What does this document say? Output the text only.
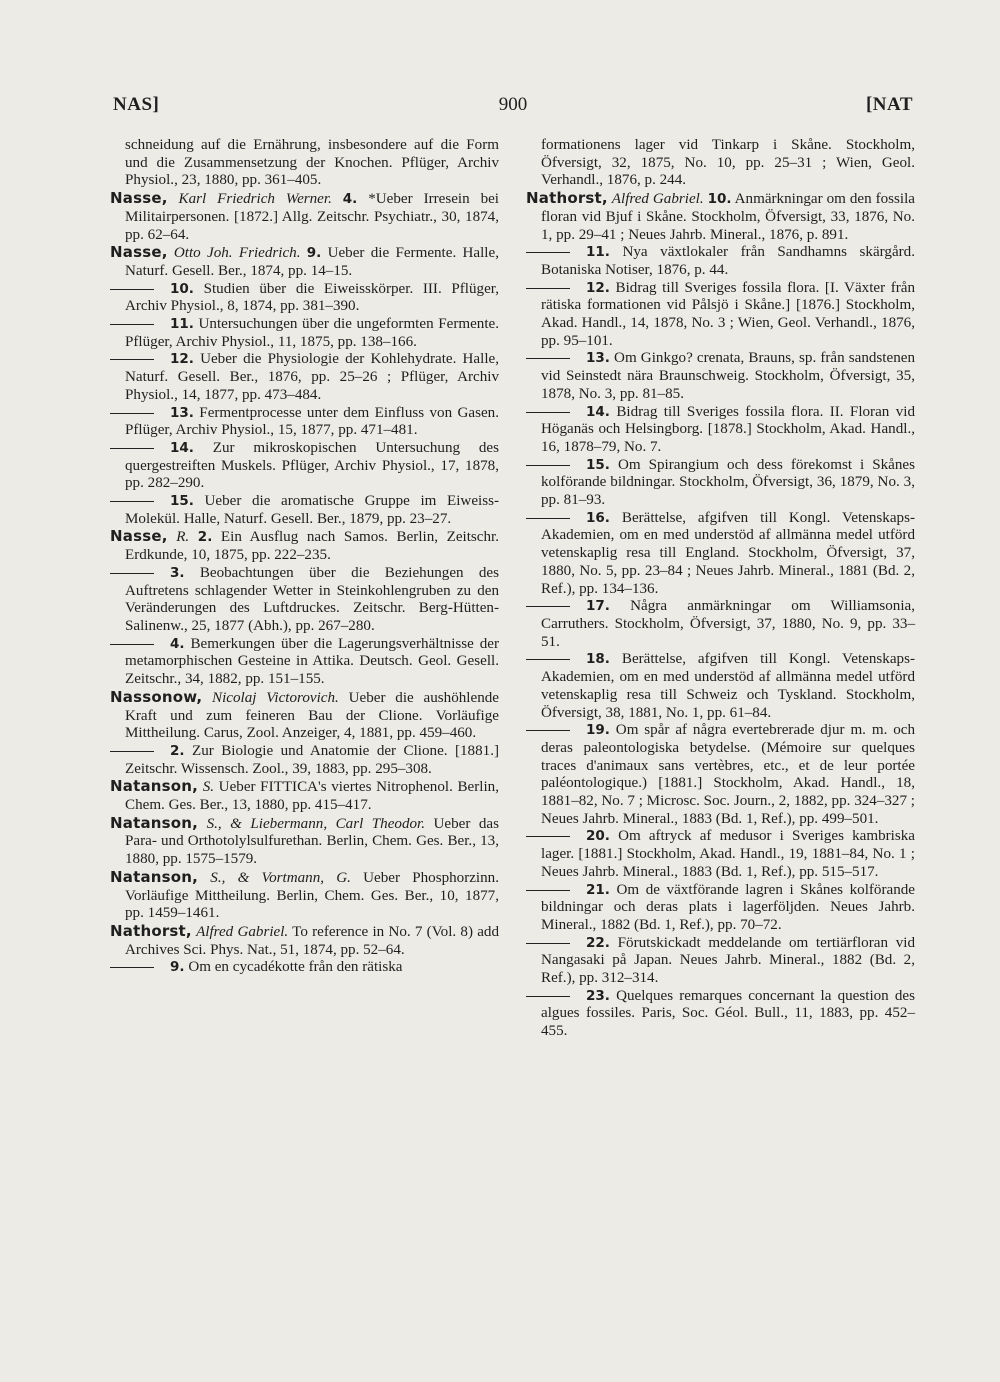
NAS]	900	[NAT

schneidung auf die Ernährung, insbesondere auf die Form und die Zusammensetzung der Knochen. Pflüger, Archiv Physiol., 23, 1880, pp. 361–405.

Nasse, Karl Friedrich Werner. 4. *Ueber Irresein bei Militairpersonen. [1872.] Allg. Zeitschr. Psychiatr., 30, 1874, pp. 62–64.

Nasse, Otto Joh. Friedrich. 9. Ueber die Fermente. Halle, Naturf. Gesell. Ber., 1874, pp. 14–15.

10. Studien über die Eiweisskörper. III. Pflüger, Archiv Physiol., 8, 1874, pp. 381–390.

11. Untersuchungen über die ungeformten Fermente. Pflüger, Archiv Physiol., 11, 1875, pp. 138–166.

12. Ueber die Physiologie der Kohlehydrate. Halle, Naturf. Gesell. Ber., 1876, pp. 25–26 ; Pflüger, Archiv Physiol., 14, 1877, pp. 473–484.

13. Fermentprocesse unter dem Einfluss von Gasen. Pflüger, Archiv Physiol., 15, 1877, pp. 471–481.

14. Zur mikroskopischen Untersuchung des quergestreiften Muskels. Pflüger, Archiv Physiol., 17, 1878, pp. 282–290.

15. Ueber die aromatische Gruppe im Eiweiss-Molekül. Halle, Naturf. Gesell. Ber., 1879, pp. 23–27.

Nasse, R. 2. Ein Ausflug nach Samos. Berlin, Zeitschr. Erdkunde, 10, 1875, pp. 222–235.

3. Beobachtungen über die Beziehungen des Auftretens schlagender Wetter in Steinkohlengruben zu den Veränderungen des Luftdruckes. Zeitschr. Berg-Hütten-Salinenw., 25, 1877 (Abh.), pp. 267–280.

4. Bemerkungen über die Lagerungsverhältnisse der metamorphischen Gesteine in Attika. Deutsch. Geol. Gesell. Zeitschr., 34, 1882, pp. 151–155.

Nassonow, Nicolaj Victorovich. Ueber die aushöhlende Kraft und zum feineren Bau der Clione. Vorläufige Mittheilung. Carus, Zool. Anzeiger, 4, 1881, pp. 459–460.

2. Zur Biologie und Anatomie der Clione. [1881.] Zeitschr. Wissensch. Zool., 39, 1883, pp. 295–308.

Natanson, S. Ueber FITTICA's viertes Nitrophenol. Berlin, Chem. Ges. Ber., 13, 1880, pp. 415–417.

Natanson, S., & Liebermann, Carl Theodor. Ueber das Para- und Orthotolylsulfurethan. Berlin, Chem. Ges. Ber., 13, 1880, pp. 1575–1579.

Natanson, S., & Vortmann, G. Ueber Phosphorzinn. Vorläufige Mittheilung. Berlin, Chem. Ges. Ber., 10, 1877, pp. 1459–1461.

Nathorst, Alfred Gabriel. To reference in No. 7 (Vol. 8) add Archives Sci. Phys. Nat., 51, 1874, pp. 52–64.

9. Om en cycadékotte från den rätiska

formationens lager vid Tinkarp i Skåne. Stockholm, Öfversigt, 32, 1875, No. 10, pp. 25–31 ; Wien, Geol. Verhandl., 1876, p. 244.

Nathorst, Alfred Gabriel. 10. Anmärkningar om den fossila floran vid Bjuf i Skåne. Stockholm, Öfversigt, 33, 1876, No. 1, pp. 29–41 ; Neues Jahrb. Mineral., 1876, p. 891.

11. Nya växtlokaler från Sandhamns skärgård. Botaniska Notiser, 1876, p. 44.

12. Bidrag till Sveriges fossila flora. [I. Växter från rätiska formationen vid Pålsjö i Skåne.] [1876.] Stockholm, Akad. Handl., 14, 1878, No. 3 ; Wien, Geol. Verhandl., 1876, pp. 95–101.

13. Om Ginkgo? crenata, Brauns, sp. från sandstenen vid Seinstedt nära Braunschweig. Stockholm, Öfversigt, 35, 1878, No. 3, pp. 81–85.

14. Bidrag till Sveriges fossila flora. II. Floran vid Höganäs och Helsingborg. [1878.] Stockholm, Akad. Handl., 16, 1878–79, No. 7.

15. Om Spirangium och dess förekomst i Skånes kolförande bildningar. Stockholm, Öfversigt, 36, 1879, No. 3, pp. 81–93.

16. Berättelse, afgifven till Kongl. Vetenskaps-Akademien, om en med understöd af allmänna medel utförd vetenskaplig resa till England. Stockholm, Öfversigt, 37, 1880, No. 5, pp. 23–84 ; Neues Jahrb. Mineral., 1881 (Bd. 2, Ref.), pp. 134–136.

17. Några anmärkningar om Williamsonia, Carruthers. Stockholm, Öfversigt, 37, 1880, No. 9, pp. 33–51.

18. Berättelse, afgifven till Kongl. Vetenskaps-Akademien, om en med understöd af allmänna medel utförd vetenskaplig resa till Schweiz och Tyskland. Stockholm, Öfversigt, 38, 1881, No. 1, pp. 61–84.

19. Om spår af några evertebrerade djur m. m. och deras paleontologiska betydelse. (Mémoire sur quelques traces d'animaux sans vertèbres, etc., et de leur portée paléontologique.) [1881.] Stockholm, Akad. Handl., 18, 1881–82, No. 7 ; Microsc. Soc. Journ., 2, 1882, pp. 324–327 ; Neues Jahrb. Mineral., 1883 (Bd. 1, Ref.), pp. 499–501.

20. Om aftryck af medusor i Sveriges kambriska lager. [1881.] Stockholm, Akad. Handl., 19, 1881–84, No. 1 ; Neues Jahrb. Mineral., 1883 (Bd. 1, Ref.), pp. 515–517.

21. Om de växtförande lagren i Skånes kolförande bildningar och deras plats i lagerföljden. Neues Jahrb. Mineral., 1882 (Bd. 1, Ref.), pp. 70–72.

22. Förutskickadt meddelande om tertiärfloran vid Nangasaki på Japan. Neues Jahrb. Mineral., 1882 (Bd. 2, Ref.), pp. 312–314.

23. Quelques remarques concernant la question des algues fossiles. Paris, Soc. Géol. Bull., 11, 1883, pp. 452–455.
